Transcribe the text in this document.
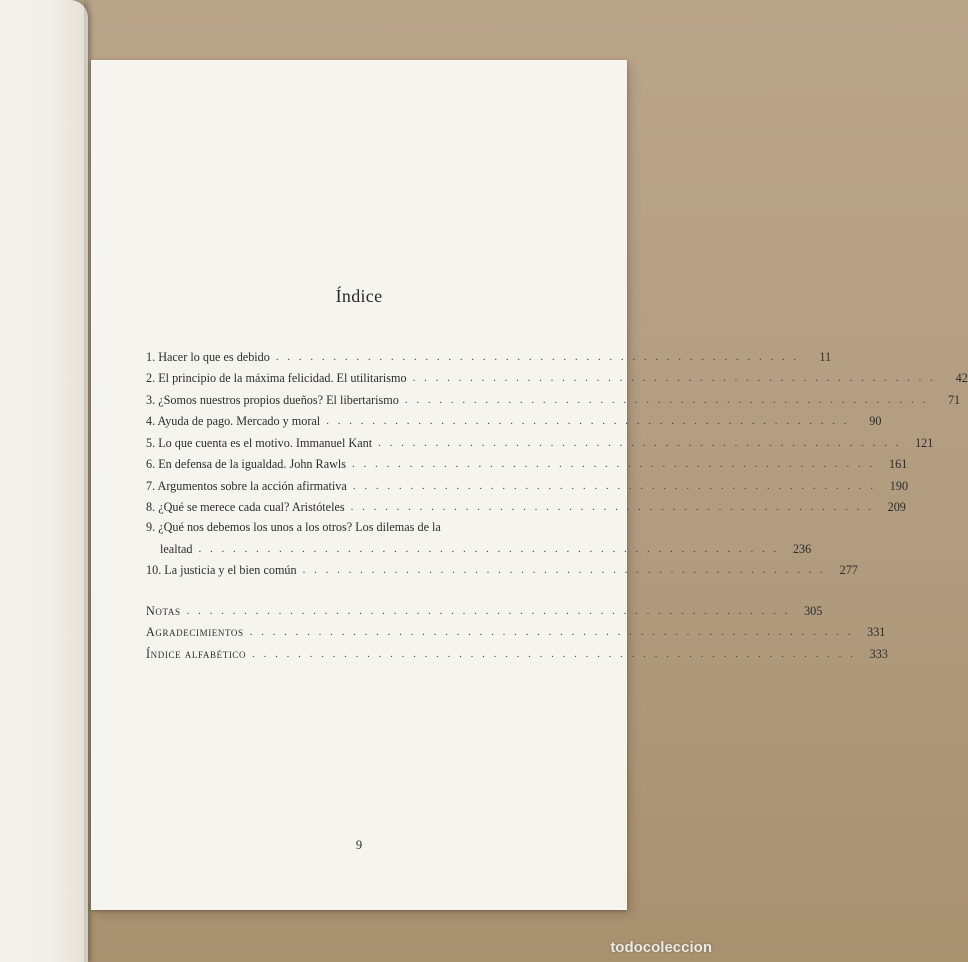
Índice
1. Hacer lo que es debido . . . . . . . . . . . . . . . . . . . . . . . . . . . . . . . . . . . . . . . . . . . . . .	11
2. El principio de la máxima felicidad. El utilitarismo . . . . . . . . . . . . . . . . . . . . . . . . . . . . . . . . . . . . . . . . . . . . . .	42
3. ¿Somos nuestros propios dueños? El libertarismo . . . . . . . . . . . . . . . . . . . . . . . . . . . . . . . . . . . . . . . . . . . . . .	71
4. Ayuda de pago. Mercado y moral . . . . . . . . . . . . . . . . . . . . . . . . . . . . . . . . . . . . . . . . . . . . . .	90
5. Lo que cuenta es el motivo. Immanuel Kant . . . . . . . . . . . . . . . . . . . . . . . . . . . . . . . . . . . . . . . . . . . . . .	121
6. En defensa de la igualdad. John Rawls . . . . . . . . . . . . . . . . . . . . . . . . . . . . . . . . . . . . . . . . . . . . . .	161
7. Argumentos sobre la acción afirmativa . . . . . . . . . . . . . . . . . . . . . . . . . . . . . . . . . . . . . . . . . . . . . .	190
8. ¿Qué se merece cada cual? Aristóteles . . . . . . . . . . . . . . . . . . . . . . . . . . . . . . . . . . . . . . . . . . . . . .	209
9. ¿Qué nos debemos los unos a los otros? Los dilemas de la
lealtad . . . . . . . . . . . . . . . . . . . . . . . . . . . . . . . . . . . . . . . . . . . . . . . . . . .	236
10. La justicia y el bien común . . . . . . . . . . . . . . . . . . . . . . . . . . . . . . . . . . . . . . . . . . . . . .	277
Notas . . . . . . . . . . . . . . . . . . . . . . . . . . . . . . . . . . . . . . . . . . . . . . . . . . . . .	305
Agradecimientos . . . . . . . . . . . . . . . . . . . . . . . . . . . . . . . . . . . . . . . . . . . . . . . . . . . . .	331
Índice alfabético . . . . . . . . . . . . . . . . . . . . . . . . . . . . . . . . . . . . . . . . . . . . . . . . . . . . .	333
9
todocoleccion
